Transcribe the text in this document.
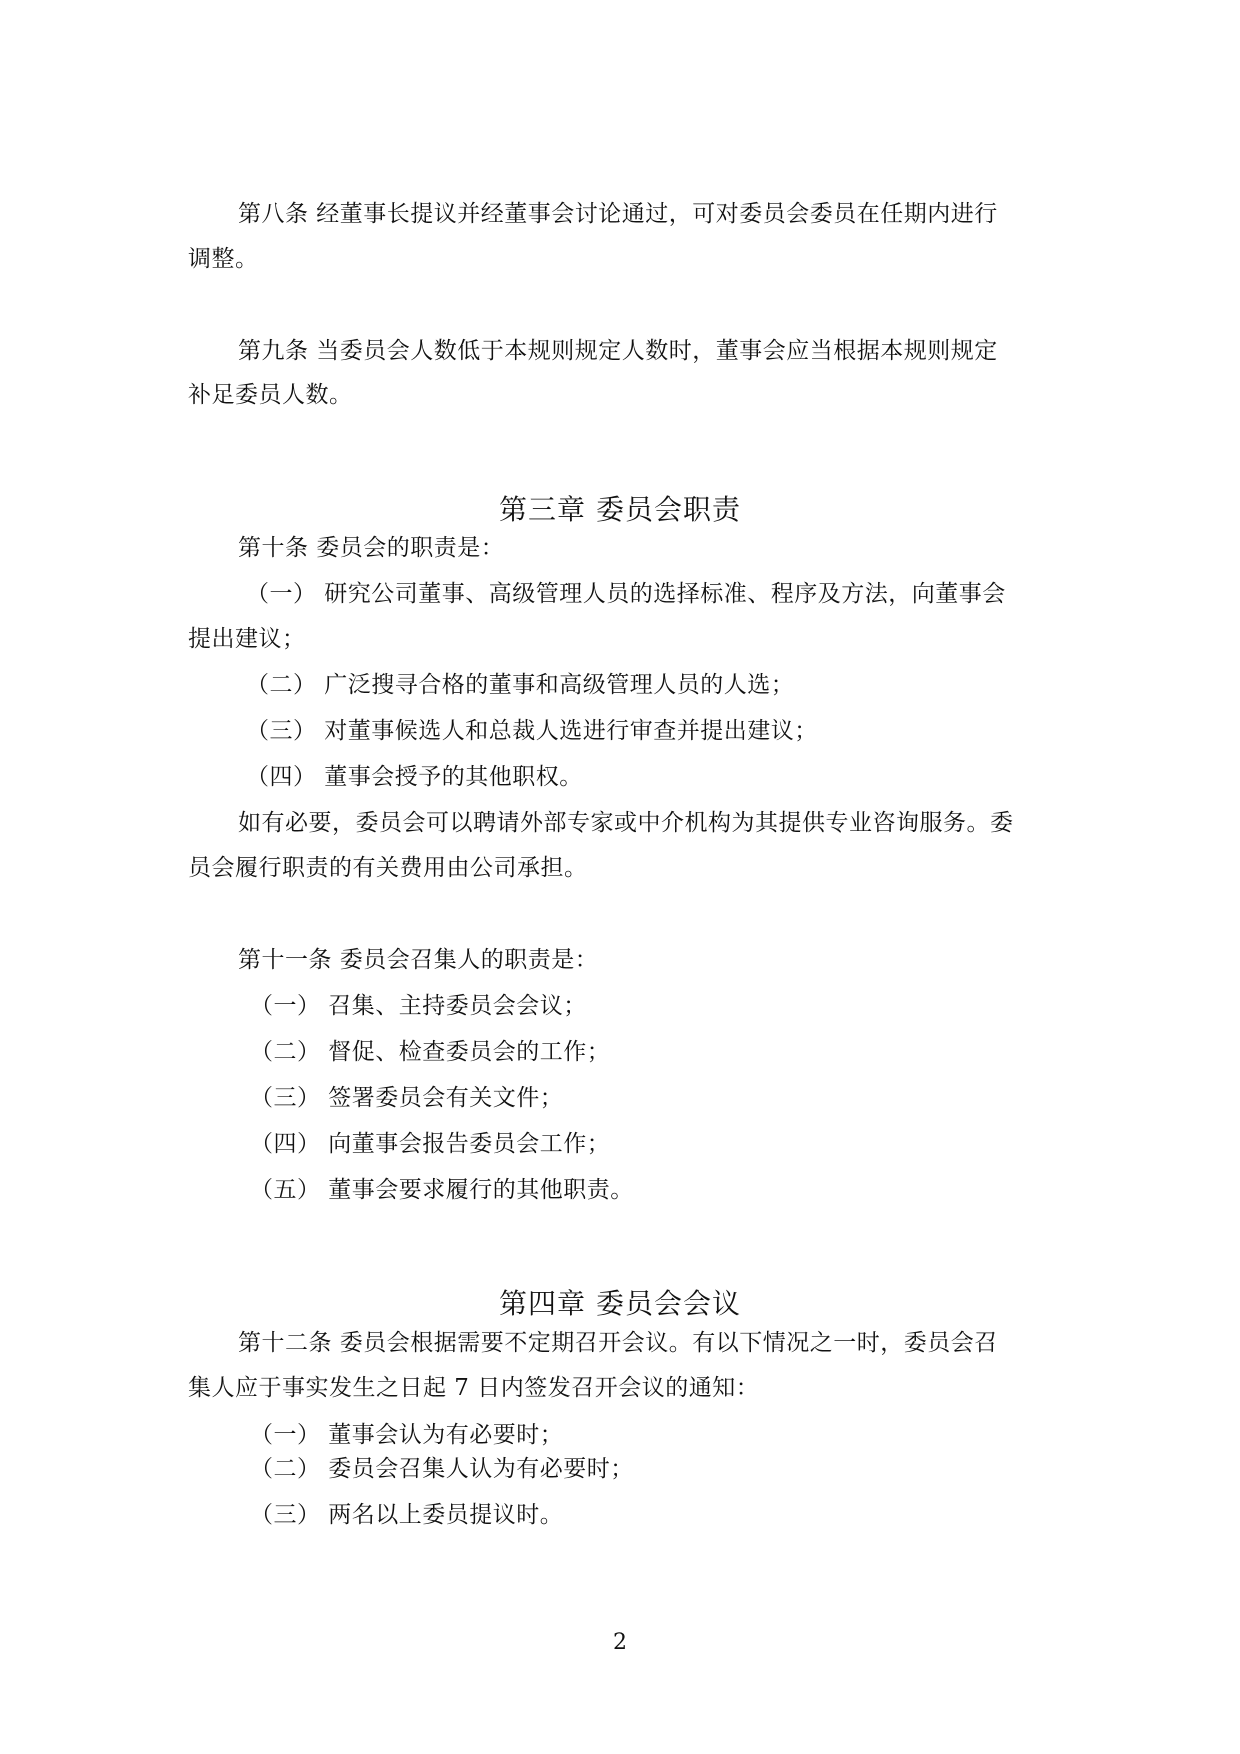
第八条 经董事长提议并经董事会讨论通过，可对委员会委员在任期内进行
调整。
第九条 当委员会人数低于本规则规定人数时，董事会应当根据本规则规定
补足委员人数。
第三章 委员会职责
第十条 委员会的职责是：
（一） 研究公司董事、高级管理人员的选择标准、程序及方法，向董事会
提出建议；
（二） 广泛搜寻合格的董事和高级管理人员的人选；
（三） 对董事候选人和总裁人选进行审查并提出建议；
（四） 董事会授予的其他职权。
如有必要，委员会可以聘请外部专家或中介机构为其提供专业咨询服务。委
员会履行职责的有关费用由公司承担。
第十一条 委员会召集人的职责是：
（一） 召集、主持委员会会议；
（二） 督促、检查委员会的工作；
（三） 签署委员会有关文件；
（四） 向董事会报告委员会工作；
（五） 董事会要求履行的其他职责。
第四章 委员会会议
第十二条 委员会根据需要不定期召开会议。有以下情况之一时，委员会召
集人应于事实发生之日起 7 日内签发召开会议的通知：
（一） 董事会认为有必要时；
（二） 委员会召集人认为有必要时；
（三） 两名以上委员提议时。
2
